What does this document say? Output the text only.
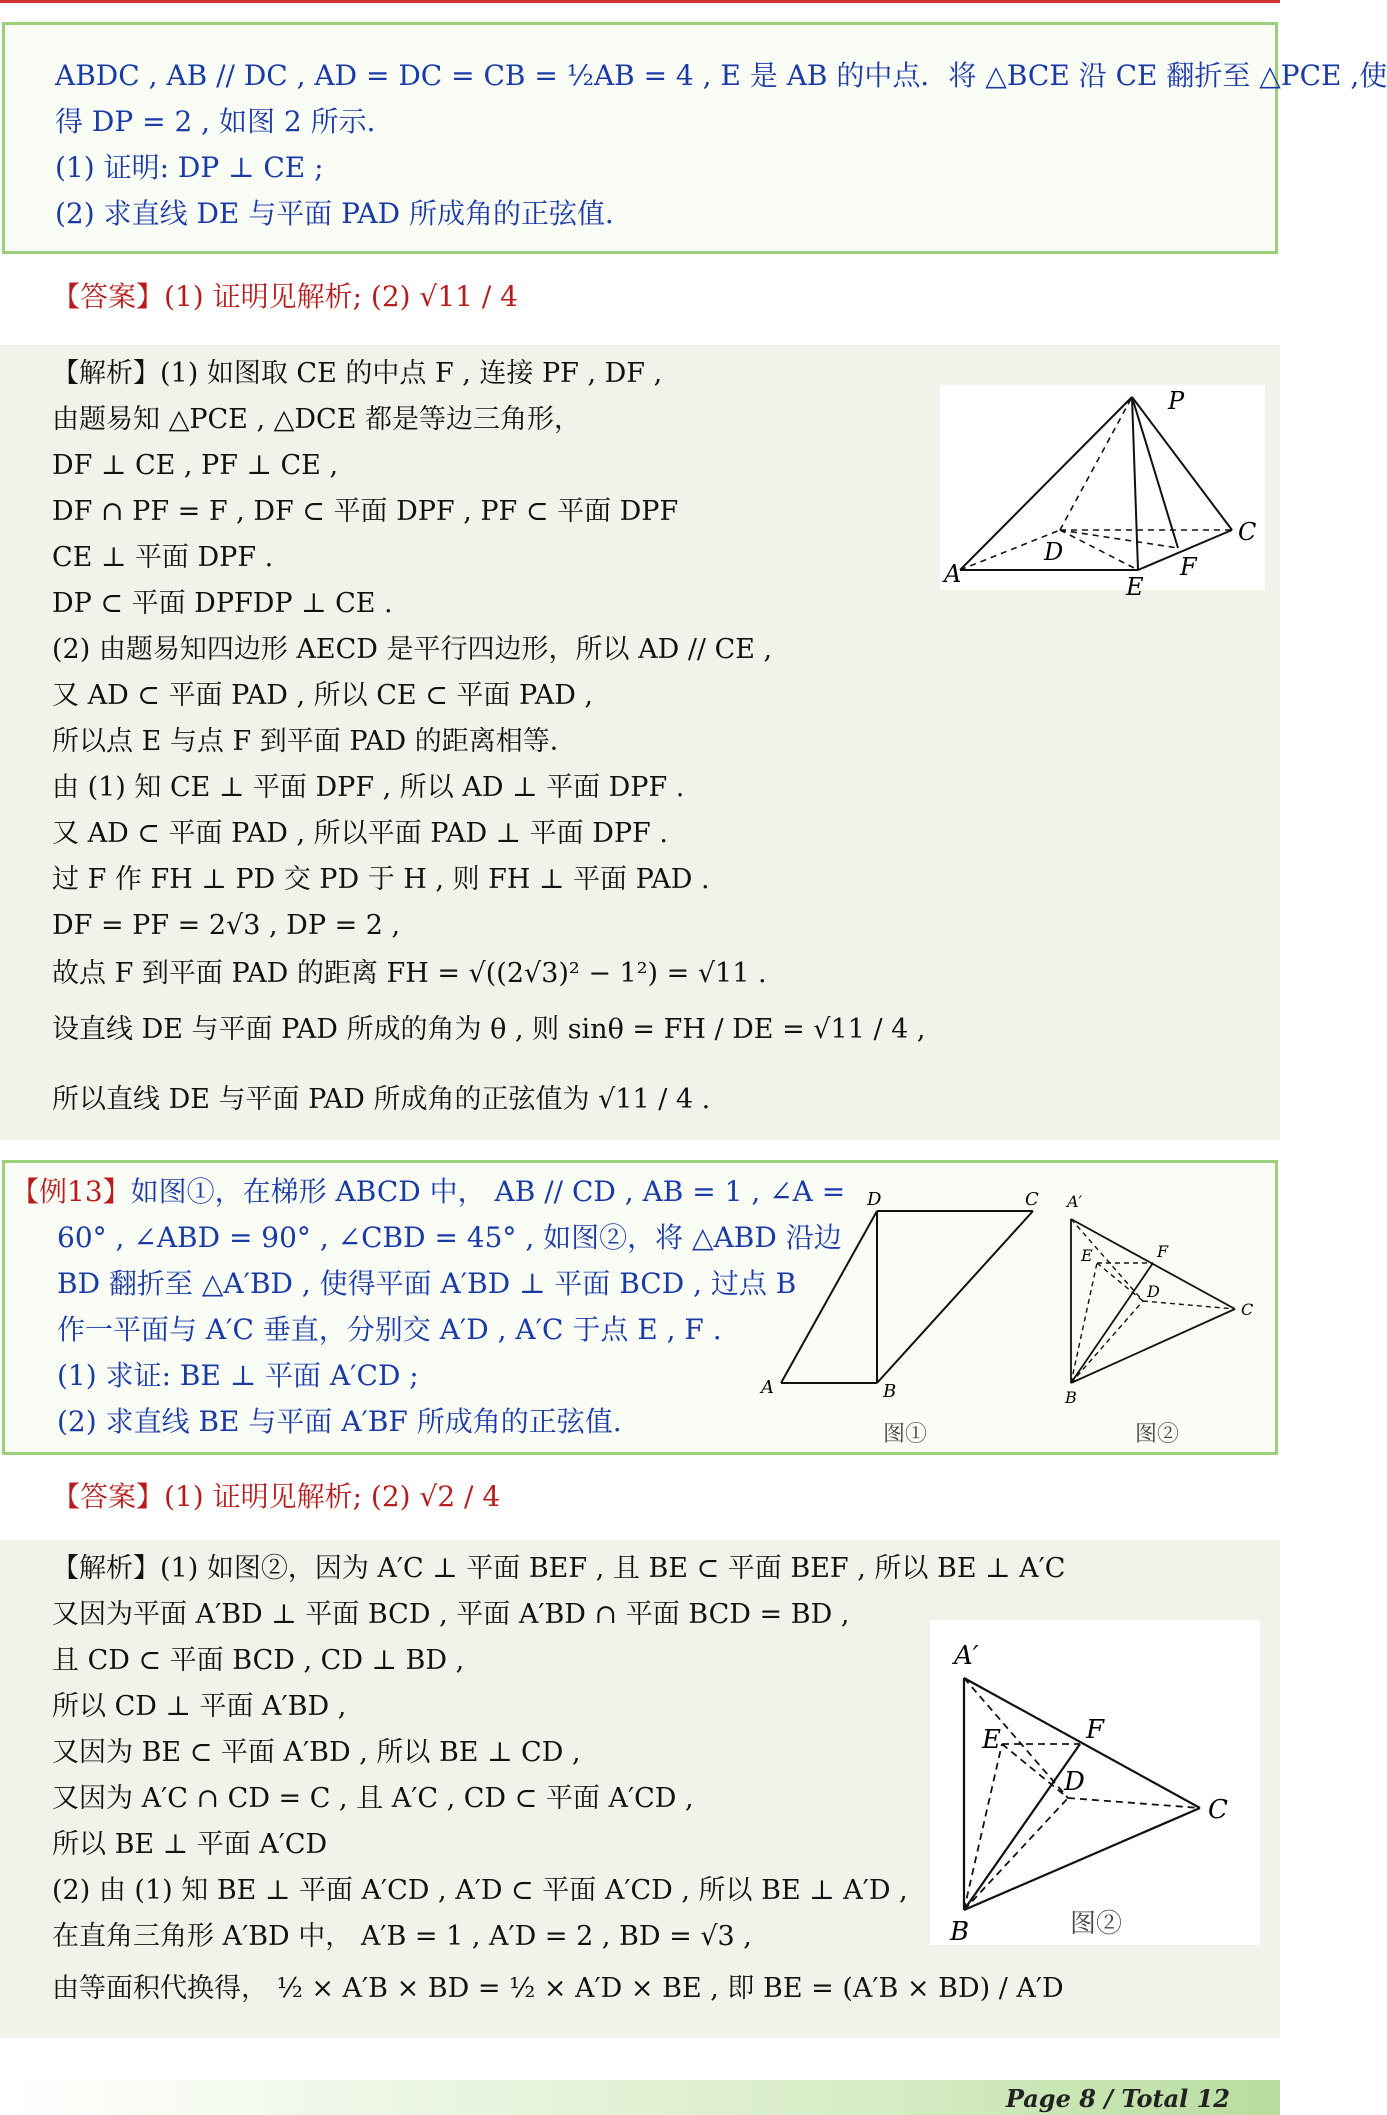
ABDC , AB // DC , AD = DC = CB = ½AB = 4 , E 是 AB 的中点．将 △BCE 沿 CE 翻折至 △PCE ,使
得 DP = 2 , 如图 2 所示．
(1) 证明: DP ⊥ CE ;
(2) 求直线 DE 与平面 PAD 所成角的正弦值．
【答案】(1) 证明见解析; (2) √11 / 4
【解析】(1) 如图取 CE 的中点 F , 连接 PF , DF ,
由题易知 △PCE , △DCE 都是等边三角形，
DF ⊥ CE , PF ⊥ CE ,
DF ∩ PF = F , DF ⊂ 平面 DPF , PF ⊂ 平面 DPF
CE ⊥ 平面 DPF .
DP ⊂ 平面 DPFDP ⊥ CE .
(2) 由题易知四边形 AECD 是平行四边形，所以 AD // CE ,
又 AD ⊂ 平面 PAD , 所以 CE ⊂ 平面 PAD ,
所以点 E 与点 F 到平面 PAD 的距离相等．
由 (1) 知 CE ⊥ 平面 DPF , 所以 AD ⊥ 平面 DPF .
又 AD ⊂ 平面 PAD , 所以平面 PAD ⊥ 平面 DPF .
过 F 作 FH ⊥ PD 交 PD 于 H , 则 FH ⊥ 平面 PAD .
DF = PF = 2√3 , DP = 2 ,
故点 F 到平面 PAD 的距离 FH = √((2√3)² − 1²) = √11 .
设直线 DE 与平面 PAD 所成的角为 θ , 则 sinθ = FH / DE = √11 / 4 ,
所以直线 DE 与平面 PAD 所成角的正弦值为 √11 / 4 .
P
A
D
E
F
C
【例13】如图①，在梯形 ABCD 中， AB // CD , AB = 1 , ∠A =
60° , ∠ABD = 90° , ∠CBD = 45° , 如图②，将 △ABD 沿边
BD 翻折至 △A′BD , 使得平面 A′BD ⊥ 平面 BCD , 过点 B
作一平面与 A′C 垂直，分别交 A′D , A′C 于点 E , F .
(1) 求证: BE ⊥ 平面 A′CD ;
(2) 求直线 BE 与平面 A′BF 所成角的正弦值.
A	B
C
D
图①
A′
B
C
D
E	F
图②
【答案】(1) 证明见解析; (2) √2 / 4
【解析】(1) 如图②，因为 A′C ⊥ 平面 BEF , 且 BE ⊂ 平面 BEF , 所以 BE ⊥ A′C
又因为平面 A′BD ⊥ 平面 BCD , 平面 A′BD ∩ 平面 BCD = BD ,
且 CD ⊂ 平面 BCD , CD ⊥ BD ,
所以 CD ⊥ 平面 A′BD ,
又因为 BE ⊂ 平面 A′BD , 所以 BE ⊥ CD ,
又因为 A′C ∩ CD = C , 且 A′C , CD ⊂ 平面 A′CD ,
所以 BE ⊥ 平面 A′CD
(2) 由 (1) 知 BE ⊥ 平面 A′CD , A′D ⊂ 平面 A′CD , 所以 BE ⊥ A′D ,
在直角三角形 A′BD 中， A′B = 1 , A′D = 2 , BD = √3 ,
由等面积代换得， ½ × A′B × BD = ½ × A′D × BE , 即 BE = (A′B × BD) / A′D
A′
B
C
D
E	F
图②
Page 8 / Total 12
